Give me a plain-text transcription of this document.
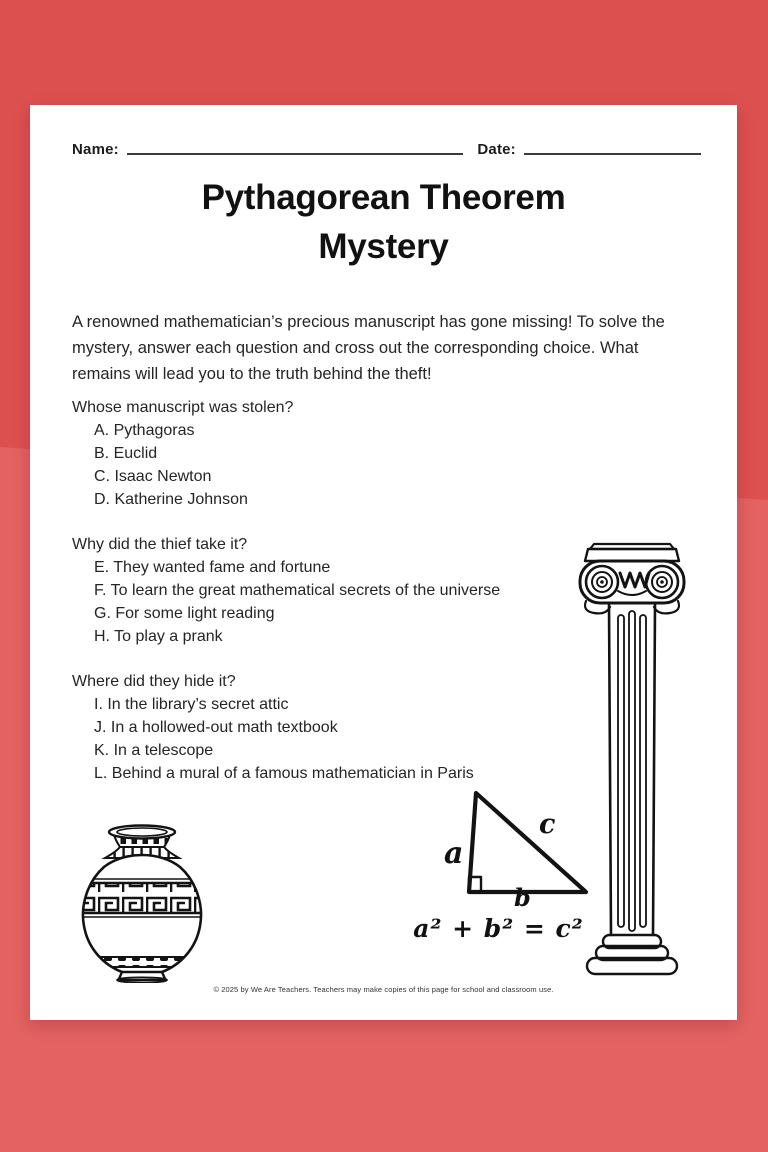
Name:	Date:
Pythagorean Theorem
Mystery

A renowned mathematician’s precious manuscript has gone missing! To solve the mystery, answer each question and cross out the corresponding choice. What remains will lead you to the truth behind the theft!

Whose manuscript was stolen?
A. Pythagoras
B. Euclid
C. Isaac Newton
D. Katherine Johnson
Why did the thief take it?
E. They wanted fame and fortune
F. To learn the great mathematical secrets of the universe
G. For some light reading
H. To play a prank
Where did they hide it?
I. In the library’s secret attic
J. In a hollowed-out math textbook
K. In a telescope
L. Behind a mural of a famous mathematician in Paris
a
c
b
a² + b² = c²
© 2025 by We Are Teachers. Teachers may make copies of this page for school and classroom use.
